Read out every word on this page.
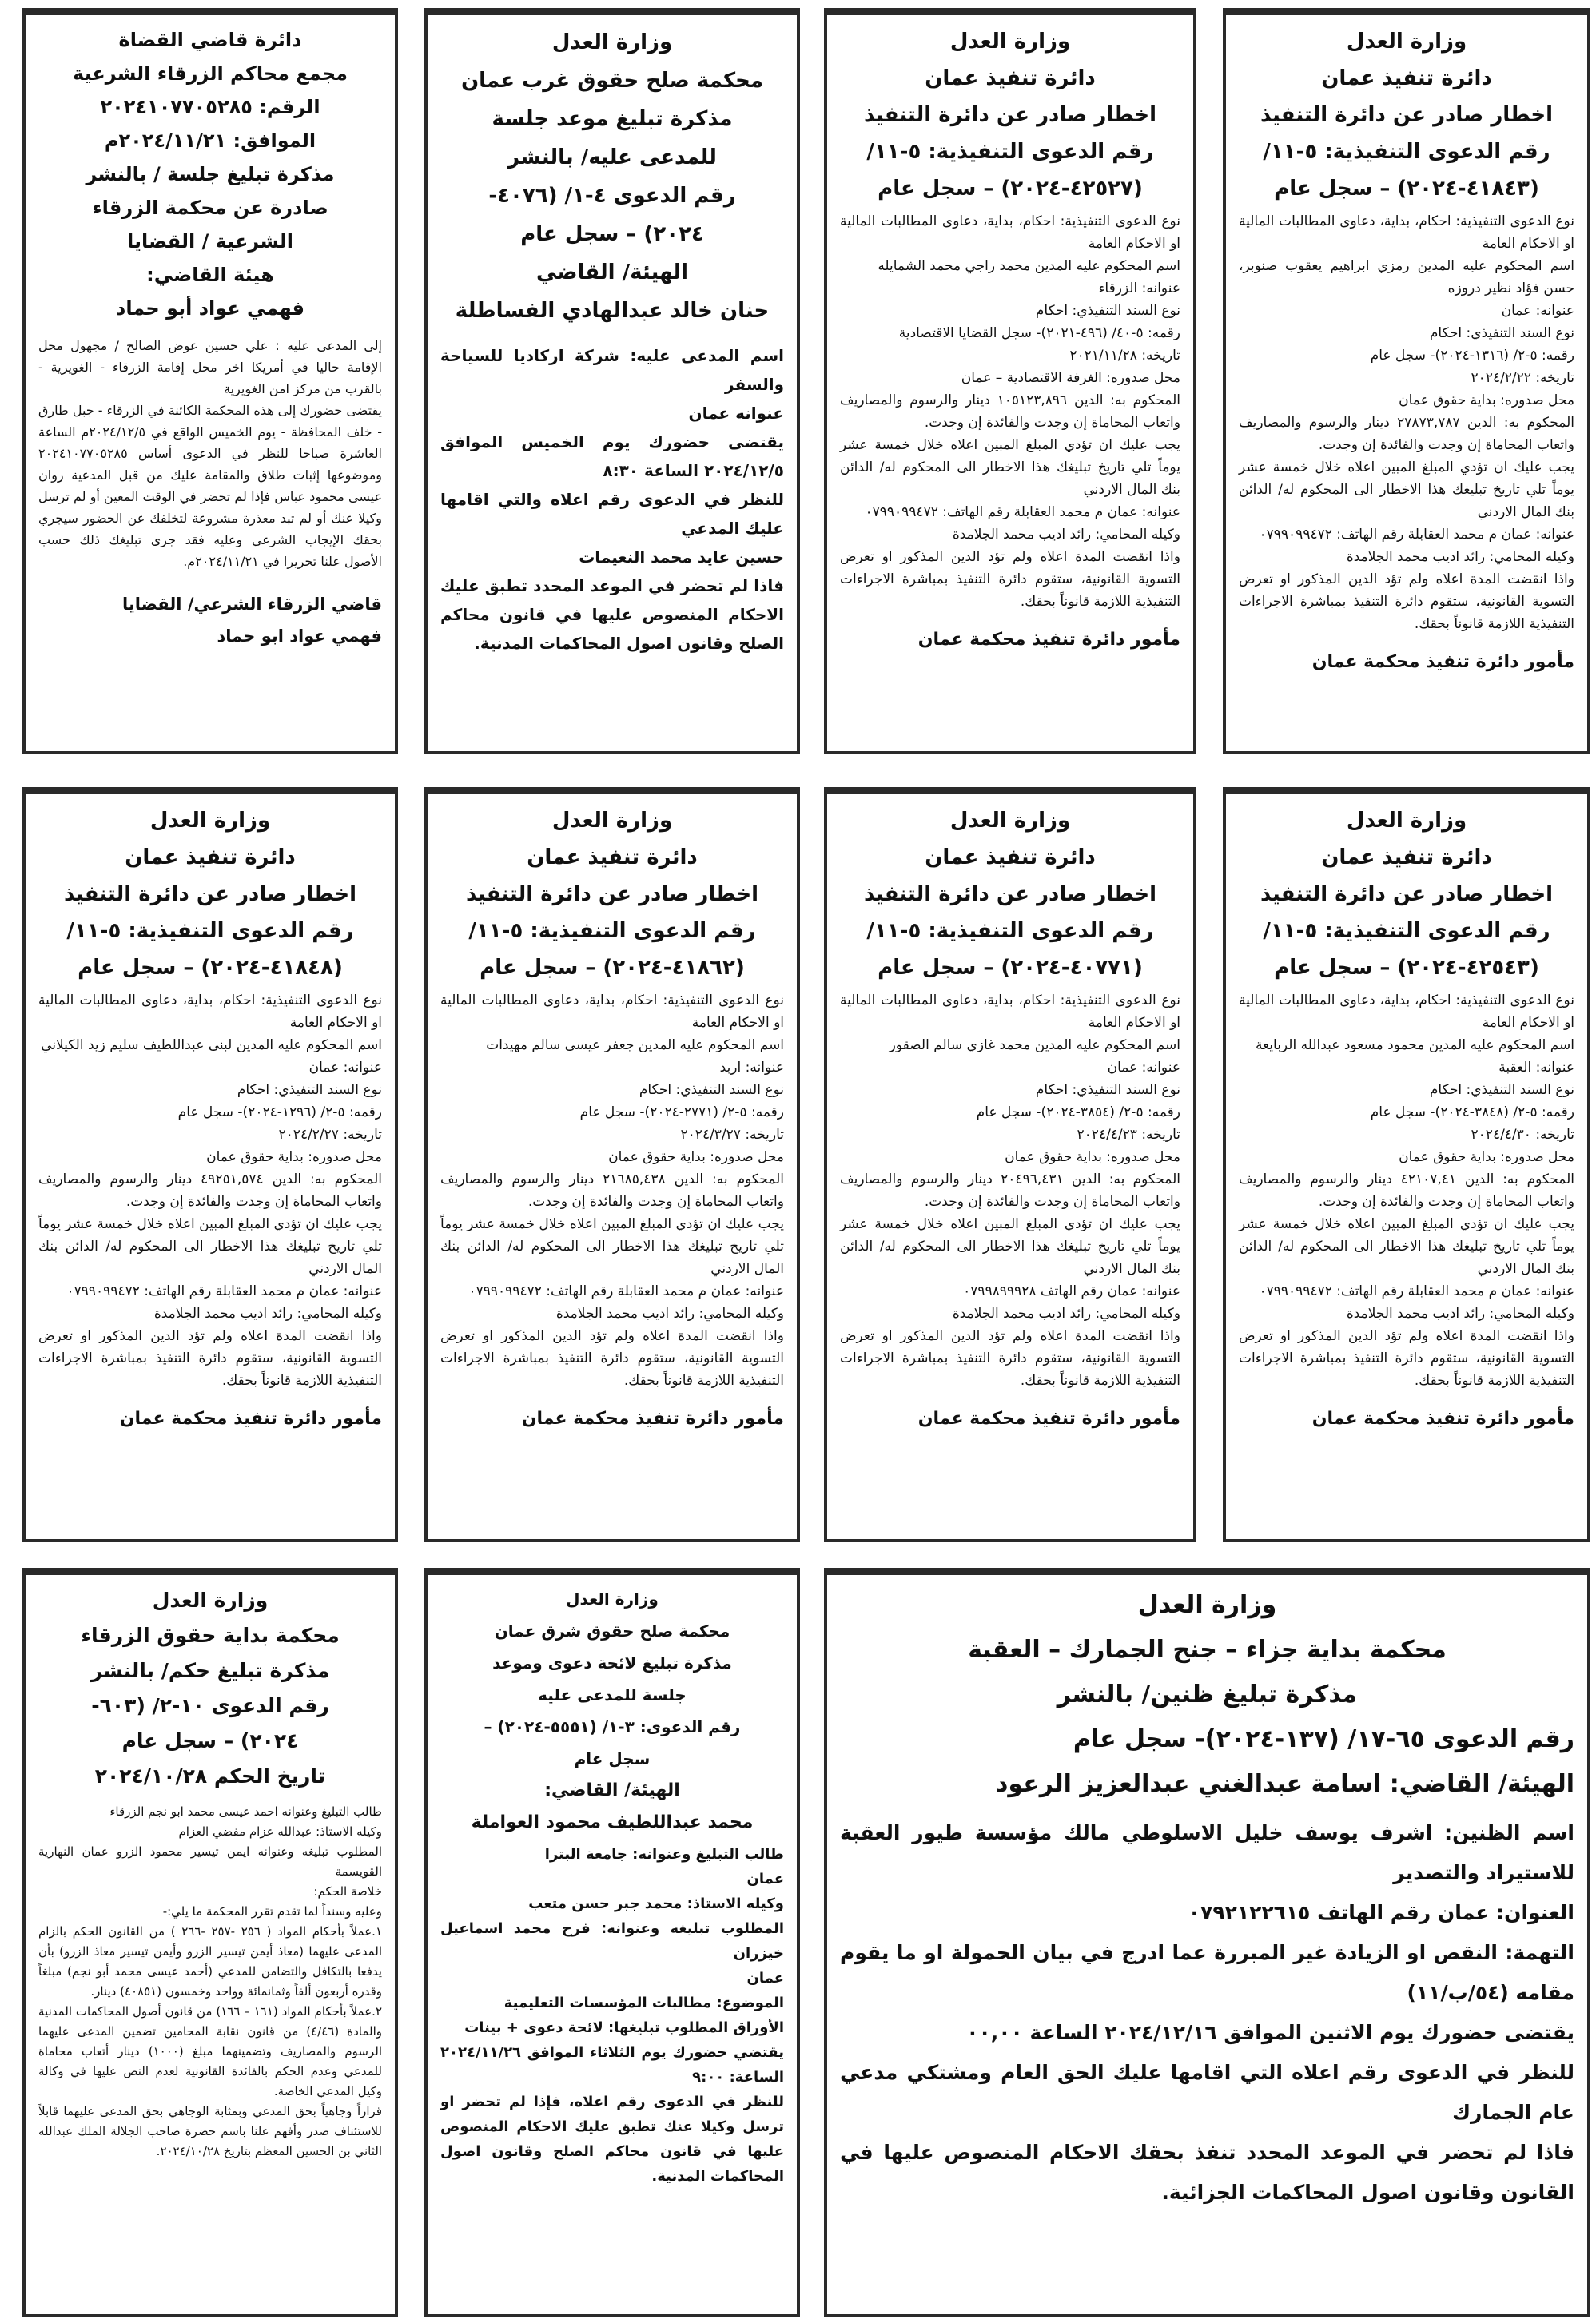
وزارة العدل
دائرة تنفيذ عمان
اخطار صادر عن دائرة التنفيذ
رقم الدعوى التنفيذية: ٥-١١/
(٤١٨٤٣-٢٠٢٤) – سجل عام

نوع الدعوى التنفيذية: احكام، بداية، دعاوى المطالبات المالية او الاحكام العامة

اسم المحكوم عليه المدين رمزي ابراهيم يعقوب صنوبر، حسن فؤاد نظير دروزه

عنوانه: عمان

نوع السند التنفيذي: احكام

رقمه: ٥-٢/ (١٣١٦-٢٠٢٤)- سجل عام

تاريخه: ٢٠٢٤/٢/٢٢

محل صدوره: بداية حقوق عمان

المحكوم به: الدين ٢٧٨٧٣,٧٨٧ دينار والرسوم والمصاريف واتعاب المحاماة إن وجدت والفائدة إن وجدت.

يجب عليك ان تؤدي المبلغ المبين اعلاه خلال خمسة عشر يوماً تلي تاريخ تبليغك هذا الاخطار الى المحكوم له/ الدائن بنك المال الاردني

عنوانه: عمان م محمد العقابلة رقم الهاتف: ٠٧٩٩٠٩٩٤٧٢

وكيله المحامي: رائد اديب محمد الجلامدة

واذا انقضت المدة اعلاه ولم تؤد الدين المذكور او تعرض التسوية القانونية، ستقوم دائرة التنفيذ بمباشرة الاجراءات التنفيذية اللازمة قانوناً بحقك.

مأمور دائرة تنفيذ محكمة عمان
وزارة العدل
دائرة تنفيذ عمان
اخطار صادر عن دائرة التنفيذ
رقم الدعوى التنفيذية: ٥-١١/
(٤٢٥٢٧-٢٠٢٤) – سجل عام

نوع الدعوى التنفيذية: احكام، بداية، دعاوى المطالبات المالية او الاحكام العامة

اسم المحكوم عليه المدين محمد راجي محمد الشمايله

عنوانه: الزرقاء

نوع السند التنفيذي: احكام

رقمه: ٥-٤٠/ (٤٩٦-٢٠٢١)- سجل القضايا الاقتصادية

تاريخه: ٢٠٢١/١١/٢٨

محل صدوره: الغرفة الاقتصادية – عمان

المحكوم به: الدين ١٠٥١٢٣,٨٩٦ دينار والرسوم والمصاريف واتعاب المحاماة إن وجدت والفائدة إن وجدت.

يجب عليك ان تؤدي المبلغ المبين اعلاه خلال خمسة عشر يوماً تلي تاريخ تبليغك هذا الاخطار الى المحكوم له/ الدائن بنك المال الاردني

عنوانه: عمان م محمد العقابلة رقم الهاتف: ٠٧٩٩٠٩٩٤٧٢

وكيله المحامي: رائد اديب محمد الجلامدة

واذا انقضت المدة اعلاه ولم تؤد الدين المذكور او تعرض التسوية القانونية، ستقوم دائرة التنفيذ بمباشرة الاجراءات التنفيذية اللازمة قانوناً بحقك.

مأمور دائرة تنفيذ محكمة عمان
وزارة العدل
محكمة صلح حقوق غرب عمان
مذكرة تبليغ موعد جلسة
للمدعى عليه/ بالنشر
رقم الدعوى ٤-١/ (٤٠٧٦-
٢٠٢٤) – سجل عام
الهيئة/ القاضي
حنان خالد عبدالهادي الفساطلة

اسم المدعى عليه: شركة اركاديا للسياحة والسفر

عنوانه عمان

يقتضى حضورك يوم الخميس الموافق ٢٠٢٤/١٢/٥ الساعة ٨:٣٠

للنظر في الدعوى رقم اعلاه والتي اقامها عليك المدعي

حسين عايد محمد النعيمات

فاذا لم تحضر في الموعد المحدد تطبق عليك الاحكام المنصوص عليها في قانون محاكم الصلح وقانون اصول المحاكمات المدنية.

دائرة قاضي القضاة
مجمع محاكم الزرقاء الشرعية
الرقم: ٢٠٢٤١٠٧٧٠٥٢٨٥
الموافق: ٢٠٢٤/١١/٢١م
مذكرة تبليغ جلسة / بالنشر
صادرة عن محكمة الزرقاء
الشرعية / القضايا
هيئة القاضي:
فهمي عواد أبو حماد

إلى المدعى عليه : علي حسين عوض الصالح / مجهول محل الإقامة حاليا في أمريكا اخر محل إقامة الزرقاء - الغويرية - بالقرب من مركز امن الغويرية

يقتضى حضورك إلى هذه المحكمة الكائنة في الزرقاء - جبل طارق - خلف المحافظة - يوم الخميس الواقع في ٢٠٢٤/١٢/٥م الساعة العاشرة صباحا للنظر في الدعوى أساس ٢٠٢٤١٠٧٧٠٥٢٨٥ وموضوعها إثبات طلاق والمقامة عليك من قبل المدعية روان عيسى محمود عباس فإذا لم تحضر في الوقت المعين أو لم ترسل وكيلا عنك أو لم تبد معذرة مشروعة لتخلفك عن الحضور سيجري بحقك الإيجاب الشرعي وعليه فقد جرى تبليغك ذلك حسب الأصول علنا تحريرا في ٢٠٢٤/١١/٢١م.

قاضي الزرقاء الشرعي/ القضايا
فهمي عواد ابو حماد
وزارة العدل
دائرة تنفيذ عمان
اخطار صادر عن دائرة التنفيذ
رقم الدعوى التنفيذية: ٥-١١/
(٤٢٥٤٣-٢٠٢٤) – سجل عام

نوع الدعوى التنفيذية: احكام، بداية، دعاوى المطالبات المالية او الاحكام العامة

اسم المحكوم عليه المدين محمود مسعود عبدالله الربايعة

عنوانه: العقبة

نوع السند التنفيذي: احكام

رقمه: ٥-٢/ (٣٨٤٨-٢٠٢٤)- سجل عام

تاريخه: ٢٠٢٤/٤/٣٠

محل صدوره: بداية حقوق عمان

المحكوم به: الدين ٤٢١٠٧,٤١ دينار والرسوم والمصاريف واتعاب المحاماة إن وجدت والفائدة إن وجدت.

يجب عليك ان تؤدي المبلغ المبين اعلاه خلال خمسة عشر يوماً تلي تاريخ تبليغك هذا الاخطار الى المحكوم له/ الدائن بنك المال الاردني

عنوانه: عمان م محمد العقابلة رقم الهاتف: ٠٧٩٩٠٩٩٤٧٢

وكيله المحامي: رائد اديب محمد الجلامدة

واذا انقضت المدة اعلاه ولم تؤد الدين المذكور او تعرض التسوية القانونية، ستقوم دائرة التنفيذ بمباشرة الاجراءات التنفيذية اللازمة قانوناً بحقك.

مأمور دائرة تنفيذ محكمة عمان
وزارة العدل
دائرة تنفيذ عمان
اخطار صادر عن دائرة التنفيذ
رقم الدعوى التنفيذية: ٥-١١/
(٤٠٧٧١-٢٠٢٤) – سجل عام

نوع الدعوى التنفيذية: احكام، بداية، دعاوى المطالبات المالية او الاحكام العامة

اسم المحكوم عليه المدين محمد غازي سالم الصقور

عنوانه: عمان

نوع السند التنفيذي: احكام

رقمه: ٥-٢/ (٣٨٥٤-٢٠٢٤)- سجل عام

تاريخه: ٢٠٢٤/٤/٢٣

محل صدوره: بداية حقوق عمان

المحكوم به: الدين ٢٠٤٩٦,٤٣١ دينار والرسوم والمصاريف واتعاب المحاماة إن وجدت والفائدة إن وجدت.

يجب عليك ان تؤدي المبلغ المبين اعلاه خلال خمسة عشر يوماً تلي تاريخ تبليغك هذا الاخطار الى المحكوم له/ الدائن بنك المال الاردني

عنوانه: عمان رقم الهاتف ٠٧٩٩٨٩٩٩٢٨

وكيله المحامي: رائد اديب محمد الجلامدة

واذا انقضت المدة اعلاه ولم تؤد الدين المذكور او تعرض التسوية القانونية، ستقوم دائرة التنفيذ بمباشرة الاجراءات التنفيذية اللازمة قانوناً بحقك.

مأمور دائرة تنفيذ محكمة عمان
وزارة العدل
دائرة تنفيذ عمان
اخطار صادر عن دائرة التنفيذ
رقم الدعوى التنفيذية: ٥-١١/
(٤١٨٦٢-٢٠٢٤) – سجل عام

نوع الدعوى التنفيذية: احكام، بداية، دعاوى المطالبات المالية او الاحكام العامة

اسم المحكوم عليه المدين جعفر عيسى سالم مهيدات

عنوانه: اربد

نوع السند التنفيذي: احكام

رقمه: ٥-٢/ (٢٧٧١-٢٠٢٤)- سجل عام

تاريخه: ٢٠٢٤/٣/٢٧

محل صدوره: بداية حقوق عمان

المحكوم به: الدين ٢١٦٨٥,٤٣٨ دينار والرسوم والمصاريف واتعاب المحاماة إن وجدت والفائدة إن وجدت.

يجب عليك ان تؤدي المبلغ المبين اعلاه خلال خمسة عشر يوماً تلي تاريخ تبليغك هذا الاخطار الى المحكوم له/ الدائن بنك المال الاردني

عنوانه: عمان م محمد العقابلة رقم الهاتف: ٠٧٩٩٠٩٩٤٧٢

وكيله المحامي: رائد اديب محمد الجلامدة

واذا انقضت المدة اعلاه ولم تؤد الدين المذكور او تعرض التسوية القانونية، ستقوم دائرة التنفيذ بمباشرة الاجراءات التنفيذية اللازمة قانوناً بحقك.

مأمور دائرة تنفيذ محكمة عمان
وزارة العدل
دائرة تنفيذ عمان
اخطار صادر عن دائرة التنفيذ
رقم الدعوى التنفيذية: ٥-١١/
(٤١٨٤٨-٢٠٢٤) – سجل عام

نوع الدعوى التنفيذية: احكام، بداية، دعاوى المطالبات المالية او الاحكام العامة

اسم المحكوم عليه المدين لبنى عبداللطيف سليم زيد الكيلاني

عنوانه: عمان

نوع السند التنفيذي: احكام

رقمه: ٥-٢/ (١٢٩٦-٢٠٢٤)- سجل عام

تاريخه: ٢٠٢٤/٢/٢٧

محل صدوره: بداية حقوق عمان

المحكوم به: الدين ٤٩٢٥١,٥٧٤ دينار والرسوم والمصاريف واتعاب المحاماة إن وجدت والفائدة إن وجدت.

يجب عليك ان تؤدي المبلغ المبين اعلاه خلال خمسة عشر يوماً تلي تاريخ تبليغك هذا الاخطار الى المحكوم له/ الدائن بنك المال الاردني

عنوانه: عمان م محمد العقابلة رقم الهاتف: ٠٧٩٩٠٩٩٤٧٢

وكيله المحامي: رائد اديب محمد الجلامدة

واذا انقضت المدة اعلاه ولم تؤد الدين المذكور او تعرض التسوية القانونية، ستقوم دائرة التنفيذ بمباشرة الاجراءات التنفيذية اللازمة قانوناً بحقك.

مأمور دائرة تنفيذ محكمة عمان
وزارة العدل
محكمة بداية جزاء – جنح الجمارك – العقبة
مذكرة تبليغ ظنين/ بالنشر
رقم الدعوى ٦٥-١٧/ (١٣٧-٢٠٢٤)- سجل عام
الهيئة/ القاضي: اسامة عبدالغني عبدالعزيز الرعود

اسم الظنين: اشرف يوسف خليل الاسلوطي مالك مؤسسة طيور العقبة للاستيراد والتصدير

العنوان: عمان رقم الهاتف ٠٧٩٢١٢٢٦١٥

التهمة: النقص او الزيادة غير المبررة عما ادرج في بيان الحمولة او ما يقوم مقامه (٥٤/ب/١١)

يقتضى حضورك يوم الاثنين الموافق ٢٠٢٤/١٢/١٦ الساعة ٠٠,٠٠

للنظر في الدعوى رقم اعلاه التي اقامها عليك الحق العام ومشتكي مدعي عام الجمارك

فاذا لم تحضر في الموعد المحدد تنفذ بحقك الاحكام المنصوص عليها في القانون وقانون اصول المحاكمات الجزائية.

وزارة العدل
محكمة صلح حقوق شرق عمان
مذكرة تبليغ لائحة دعوى وموعد
جلسة للمدعى عليه
رقم الدعوى: ٣-١/ (٥٥٥١-٢٠٢٤) –
سجل عام
الهيئة/ القاضي:
محمد عبداللطيف محمود العواملة

طالب التبليغ وعنوانه: جامعة البترا

عمان

وكيله الاستاذ: محمد جبر حسن متعب

المطلوب تبليغه وعنوانه: فرح محمد اسماعيل خيزران

عمان

الموضوع: مطالبات المؤسسات التعليمية

الأوراق المطلوب تبليغها: لائحة دعوى + بينات

يقتضي حضورك يوم الثلاثاء الموافق ٢٠٢٤/١١/٢٦ الساعة: ٩:٠٠

للنظر في الدعوى رقم اعلاه، فإذا لم تحضر او ترسل وكيلا عنك تطبق عليك الاحكام المنصوص عليها في قانون محاكم الصلح وقانون اصول المحاكمات المدنية.

وزارة العدل
محكمة بداية حقوق الزرقاء
مذكرة تبليغ حكم/ بالنشر
رقم الدعوى ١٠-٢/ (٦٠٣-
٢٠٢٤) – سجل عام
تاريخ الحكم ٢٠٢٤/١٠/٢٨

طالب التبليغ وعنوانه احمد عيسى محمد ابو نجم الزرقاء

وكيله الاستاذ: عبدالله عزام مفضي العزام

المطلوب تبليغه وعنوانه ايمن تيسير محمود الزرو عمان النهارية القويسمة

خلاصة الحكم:

وعليه وسنداً لما تقدم تقرر المحكمة ما يلي:-

١.عملاً بأحكام المواد ( ٢٥٦ -٢٥٧ -٢٦٦ ) من القانون الحكم بالزام المدعى عليهما (معاذ أيمن تيسير الزرو وأيمن تيسير معاذ الزرو) بأن يدفعا بالتكافل والتضامن للمدعي (أحمد عيسى محمد أبو نجم) مبلغاً وقدره أربعون ألفاً وثمانمائة وواحد وخمسون (٤٠٨٥١) دينار.

٢.عملاً بأحكام المواد (١٦١ – ١٦٦) من قانون أصول المحاكمات المدنية والمادة (٤/٤٦) من قانون نقابة المحامين تضمين المدعى عليهما الرسوم والمصاريف وتضمينهما مبلغ (١٠٠٠) دينار أتعاب محاماة للمدعي وعدم الحكم بالفائدة القانونية لعدم النص عليها في وكالة وكيل المدعي الخاصة.

قراراً وجاهياً بحق المدعي وبمثابة الوجاهي بحق المدعى عليهما قابلاً للاستئناف صدر وأفهم علنا باسم حضرة صاحب الجلالة الملك عبدالله الثاني بن الحسين المعظم بتاريخ ٢٠٢٤/١٠/٢٨.
